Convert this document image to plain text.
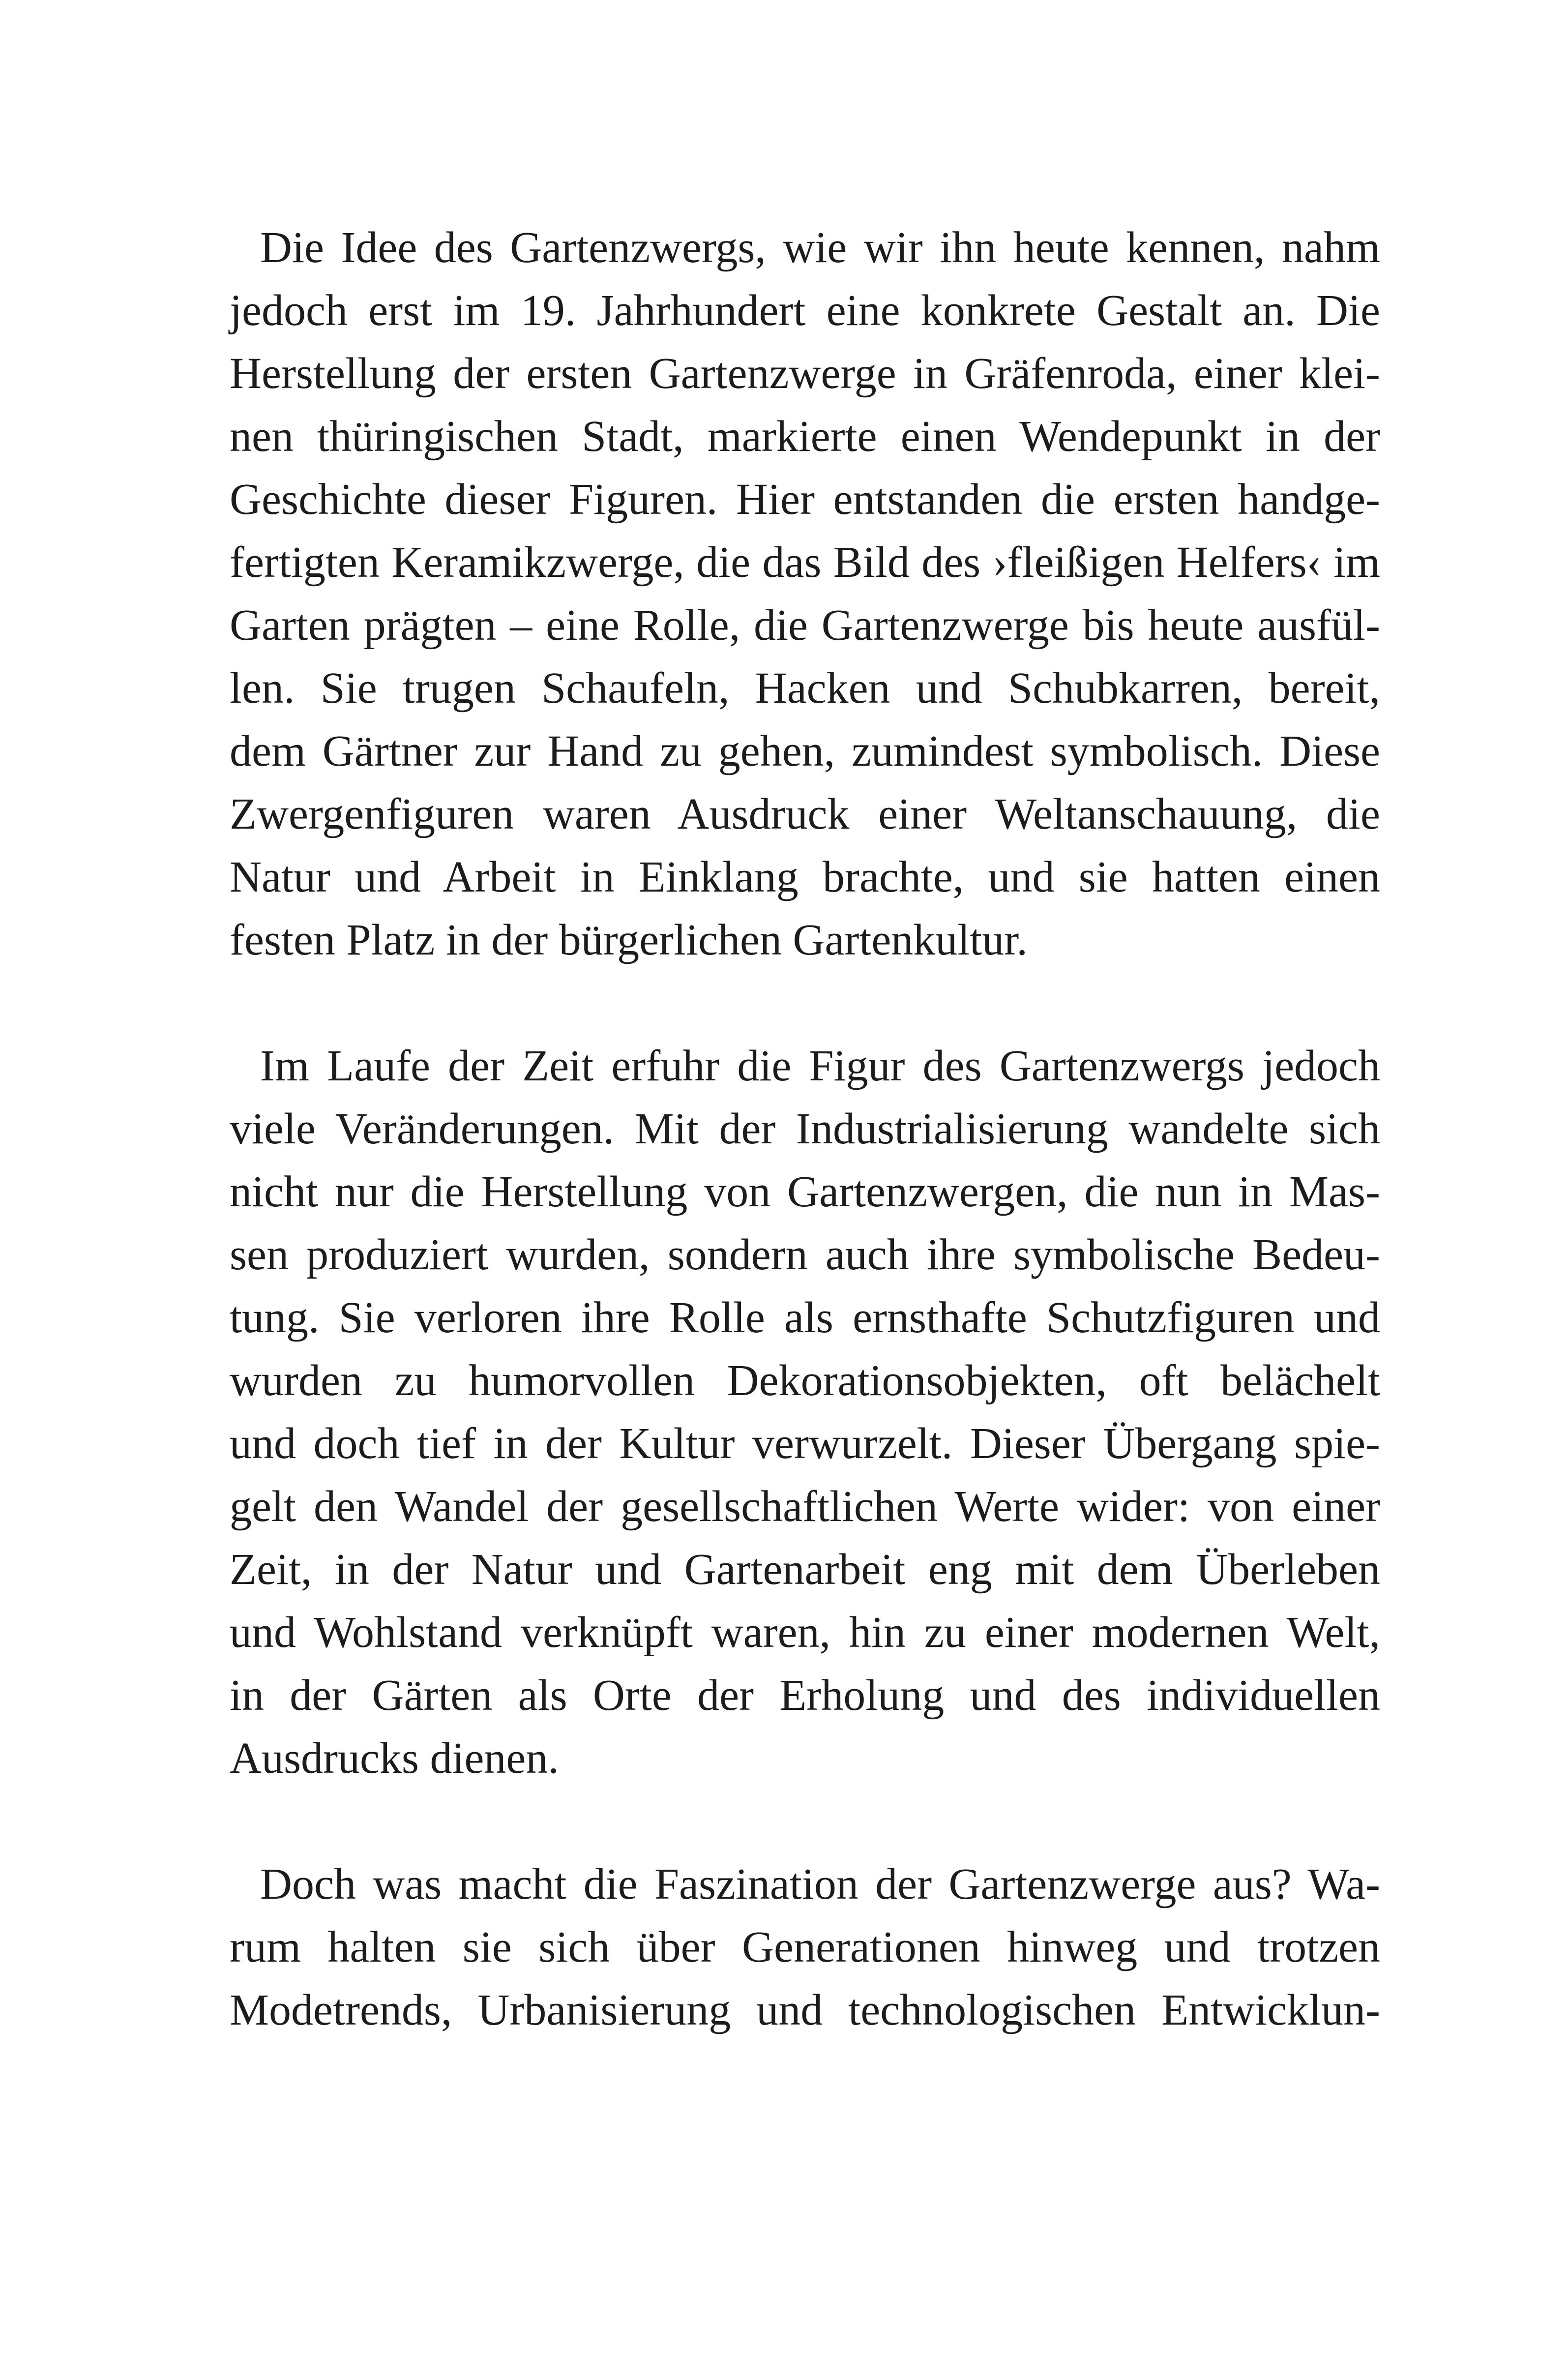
Die Idee des Gartenzwergs, wie wir ihn heute kennen, nahm
jedoch erst im 19. Jahrhundert eine konkrete Gestalt an. Die
Herstellung der ersten Gartenzwerge in Gräfenroda, einer klei-
nen thüringischen Stadt, markierte einen Wendepunkt in der
Geschichte dieser Figuren. Hier entstanden die ersten handge-
fertigten Keramikzwerge, die das Bild des ›fleißigen Helfers‹ im
Garten prägten – eine Rolle, die Gartenzwerge bis heute ausfül-
len. Sie trugen Schaufeln, Hacken und Schubkarren, bereit,
dem Gärtner zur Hand zu gehen, zumindest symbolisch. Diese
Zwergenfiguren waren Ausdruck einer Weltanschauung, die
Natur und Arbeit in Einklang brachte, und sie hatten einen
festen Platz in der bürgerlichen Gartenkultur.

Im Laufe der Zeit erfuhr die Figur des Gartenzwergs jedoch
viele Veränderungen. Mit der Industrialisierung wandelte sich
nicht nur die Herstellung von Gartenzwergen, die nun in Mas-
sen produziert wurden, sondern auch ihre symbolische Bedeu-
tung. Sie verloren ihre Rolle als ernsthafte Schutzfiguren und
wurden zu humorvollen Dekorationsobjekten, oft belächelt
und doch tief in der Kultur verwurzelt. Dieser Übergang spie-
gelt den Wandel der gesellschaftlichen Werte wider: von einer
Zeit, in der Natur und Gartenarbeit eng mit dem Überleben
und Wohlstand verknüpft waren, hin zu einer modernen Welt,
in der Gärten als Orte der Erholung und des individuellen
Ausdrucks dienen.

Doch was macht die Faszination der Gartenzwerge aus? Wa-
rum halten sie sich über Generationen hinweg und trotzen
Modetrends, Urbanisierung und technologischen Entwicklun-
